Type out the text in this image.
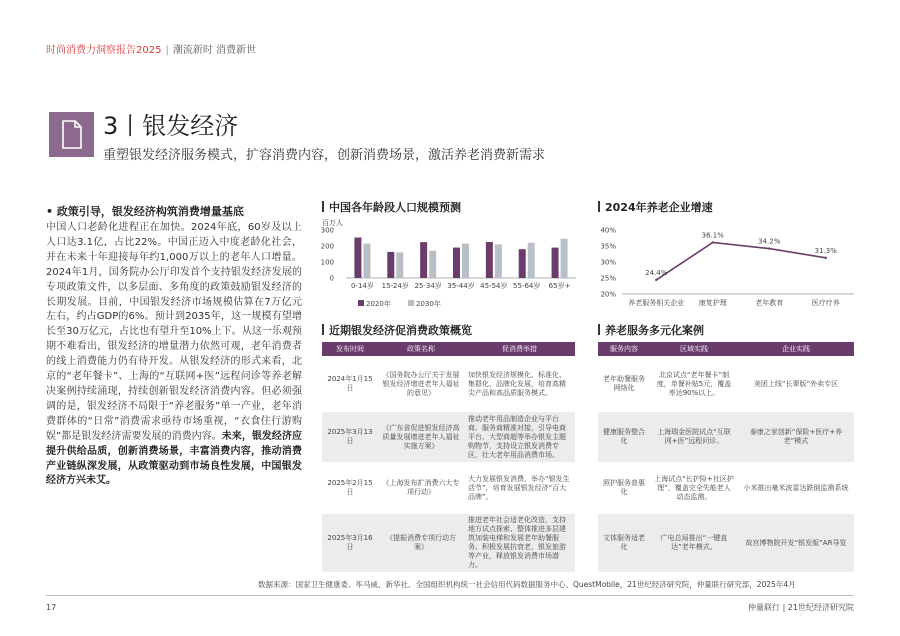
时尚消费力洞察报告2025 | 潮流新时 消费新世
3丨银发经济
重塑银发经济服务模式，扩容消费内容，创新消费场景，激活养老消费新需求
• 政策引导，银发经济构筑消费增量基底
中国人口老龄化进程正在加快。2024年底，60岁及以上人口达3.1亿，占比22%。中国正迈入中度老龄化社会，并在未来十年迎接每年约1,000万以上的老年人口增量。2024年1月，国务院办公厅印发首个支持银发经济发展的专项政策文件，以多层面、多角度的政策鼓励银发经济的长期发展。目前，中国银发经济市场规模估算在7万亿元左右，约占GDP的6%。预计到2035年，这一规模有望增长至30万亿元，占比也有望升至10%上下。从这一乐观预期不难看出，银发经济的增量潜力依然可观，老年消费者的线上消费能力仍有待开发。从银发经济的形式来看，北京的“老年餐卡”、上海的“互联网+医”远程问诊等养老解决案例持续涌现，持续创新银发经济消费内容。但必须强调的是，银发经济不局限于“养老服务”单一产业，老年消费群体的“日常”消费需求亟待市场重视，“衣食住行游购娱”都是银发经济需要发展的消费内容。未来，银发经济应提升供给品质，创新消费场景，丰富消费内容，推动消费产业链纵深发展，从政策驱动到市场良性发展，中国银发经济方兴未艾。
中国各年龄段人口规模预测
百万人
0
100
200
300
0-14岁 15-24岁 25-34岁 35-44岁 45-54岁 55-64岁 65岁+
2020年	2030年
2024年养老企业增速
20%
25%
30%
35%
40%
24.4%
养老服务相关企业
36.1%
康复护理
34.2%
老年教育
31.3%
医疗疗养
近期银发经济促消费政策概览
发布时间	政策名称	促消费举措
2024年1月15日	《国务院办公厅关于发展银发经济增进老年人福祉的意见》	加快银发经济规模化、标准化、集群化、品牌化发展，培育高精尖产品和高品质服务模式。
2025年3月13日	《广东省促进银发经济高质量发展增进老年人福祉实施方案》	推动老年用品制造企业与平台商、服务商精准对接，引导电商平台、大型商超等举办银发主题购物节，支持设立银发消费专区，壮大老年用品消费市场。
2025年2月15日	《上海发布扩消费六大专项行动》	大力发展银发消费，举办“银发生活节”，培育发展银发经济“百大品牌”。
2025年3月16日	《提振消费专项行动方案》	推进老年社会适老化改造，支持地方试点探索、整体推进多层建筑加装电梯和发展老年助餐服务。积极发展抗衰老、银发旅游等产业，释放银发消费市场潜力。
养老服务多元化案例
服务内容	区域实践	企业实践
老年助餐服务网络化	北京试点“老年餐卡”制度，单餐补贴5元，覆盖率达90%以上。	美团上线“长辈版”外卖专区
健康服务整合化	上海瑞金医院试点“互联网+医”远程问诊。	泰康之家创新“保险+医疗+养老”模式
照护服务普惠化	上海试点“长护险+社区护理”，覆盖完全失能老人动态监测。	小米推出毫米波雷达跌倒监测系统
文体服务适老化	广电总局推出“一键直达”老年模式。	故宫博物院开发“银发版”AR导览
数据来源：国家卫生健康委、毕马威、新华社、全国组织机构统一社会信用代码数据服务中心、QuestMobile，21世纪经济研究院，仲量联行研究部，2025年4月
17	仲量联行 | 21世纪经济研究院
